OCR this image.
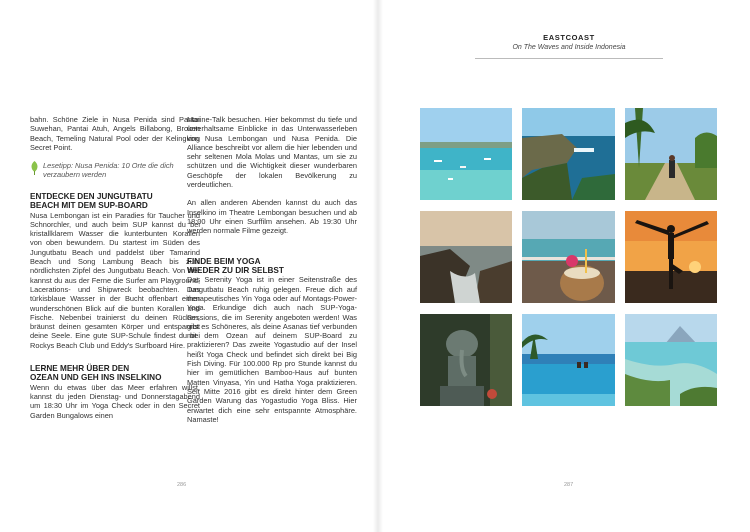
bahn. Schöne Ziele in Nusa Penida sind Pantai Suwehan, Pantai Atuh, Angels Billabong, Broken Beach, Temeling Natural Pool oder der Kelingking Secret Point.

Lesetipp: Nusa Penida: 10 Orte die dich verzaubern werden
ENTDECKE DEN JUNGUTBATU
BEACH MIT DEM SUP-BOARD

Nusa Lembongan ist ein Paradies für Taucher und Schnorchler, und auch beim SUP kannst du bei kristallklarem Wasser die kunterbunten Korallen von oben bewundern. Du startest im Süden des Jungutbatu Beach und paddelst über Tamarind Beach und Song Lambung Beach bis zum nördlichsten Zipfel des Jungutbatu Beach. Von hier kannst du aus der Ferne die Surfer am Playground, Lacerations- und Shipwreck beobachten. Das türkisblaue Wasser in der Bucht offenbart einen wunderschönen Blick auf die bunten Korallen und Fische. Nebenbei trainierst du deinen Rücken, bräunst deinen gesamten Körper und entspannst deine Seele. Eine gute SUP-Schule findest du bei Rockys Beach Club und Eddy's Surfboard Hire.

LERNE MEHR ÜBER DEN
OZEAN UND GEH INS INSELKINO

Wenn du etwas über das Meer erfahren willst, kannst du jeden Dienstag- und Donnerstagabend um 18:30 Uhr im Yoga Check oder in den Secret Garden Bungalows einen

Marine-Talk besuchen. Hier bekommst du tiefe und unterhaltsame Einblicke in das Unterwasserleben von Nusa Lembongan und Nusa Penida. Die Alliance beschreibt vor allem die hier lebenden und sehr seltenen Mola Molas und Mantas, um sie zu schützen und die Wichtigkeit dieser wunderbaren Geschöpfe der lokalen Bevölkerung zu verdeutlichen.

An allen anderen Abenden kannst du auch das Inselkino im Theatre Lembongan besuchen und ab 18:00 Uhr einen Surffilm ansehen. Ab 19:30 Uhr werden normale Filme gezeigt.

FINDE BEIM YOGA
WIEDER ZU DIR SELBST

Das Serenity Yoga ist in einer Seitenstraße des Jungutbatu Beach ruhig gelegen. Freue dich auf therapeutisches Yin Yoga oder auf Montags-Power-Yoga. Erkundige dich auch nach SUP-Yoga-Sessions, die im Serenity angeboten werden! Was gibt es Schöneres, als deine Asanas tief verbunden mit dem Ozean auf deinem SUP-Board zu praktizieren? Das zweite Yogastudio auf der Insel heißt Yoga Check und befindet sich direkt bei Big Fish Diving. Für 100.000 Rp pro Stunde kannst du hier im gemütlichen Bamboo-Haus auf bunten Matten Vinyasa, Yin und Hatha Yoga praktizieren. Seit Mitte 2016 gibt es direkt hinter dem Green Garden Warung das Yogastudio Yoga Bliss. Hier erwartet dich eine sehr entspannte Atmosphäre. Namaste!

286
EASTCOAST
On The Waves and Inside Indonesia
287
